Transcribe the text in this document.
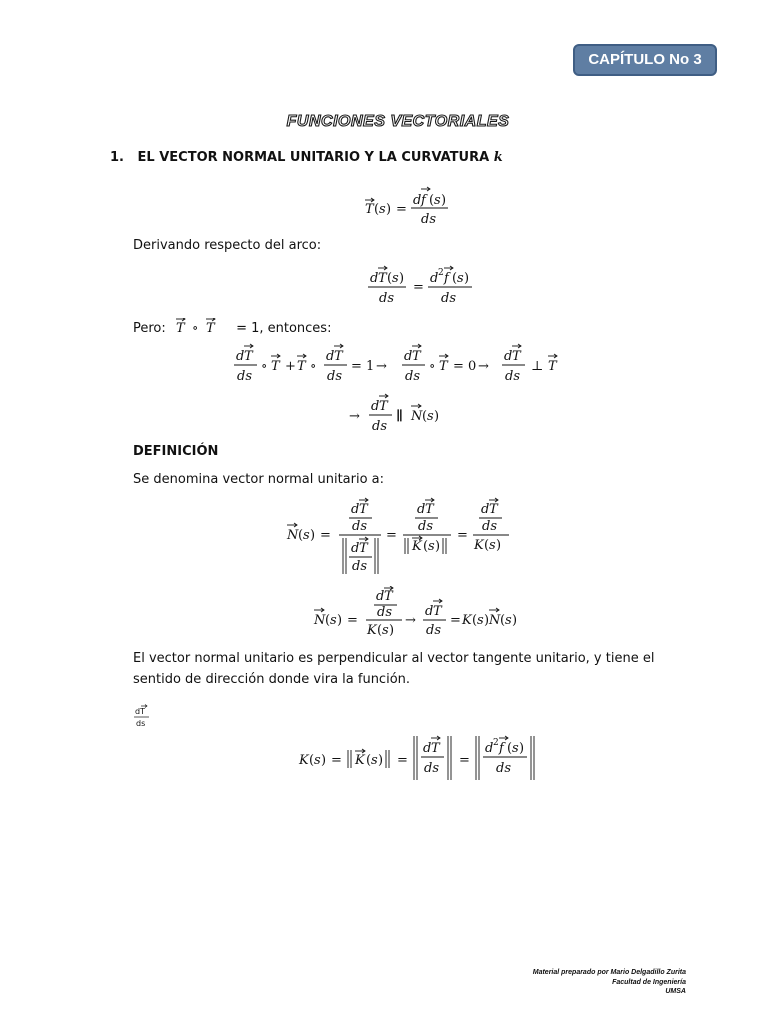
CAPÍTULO No 3
FUNCIONES VECTORIALES
1. EL VECTOR NORMAL UNITARIO Y LA CURVATURA k
T ( s ) =
d f ( s )
ds
Derivando respecto del arco:
d T ( s )
ds
=
d 2 f ( s )
ds
Pero: T ∘ T = 1, entonces:
d T
ds
∘ T + T ∘
d T
ds
= 1 →
d T
ds
∘ T = 0 →
d T
ds
⊥ T
→
d T
ds
∥ N ( s )
DEFINICIÓN
Se denomina vector normal unitario a:
N ( s ) =
d T
ds
d T
ds
=
d T
ds
K ( s )
=
d T
ds
K ( s )
N ( s ) =
d T
ds
K ( s )
→
d T
ds
= K ( s ) N ( s )
El vector normal unitario es perpendicular al vector tangente unitario, y tiene el sentido de dirección donde vira la función.
dT
ds
K ( s ) = K ( s ) =
d T
ds
=
d 2 f ( s )
ds
Material preparado por Mario Delgadillo Zurita
Facultad de Ingeniería
UMSA
